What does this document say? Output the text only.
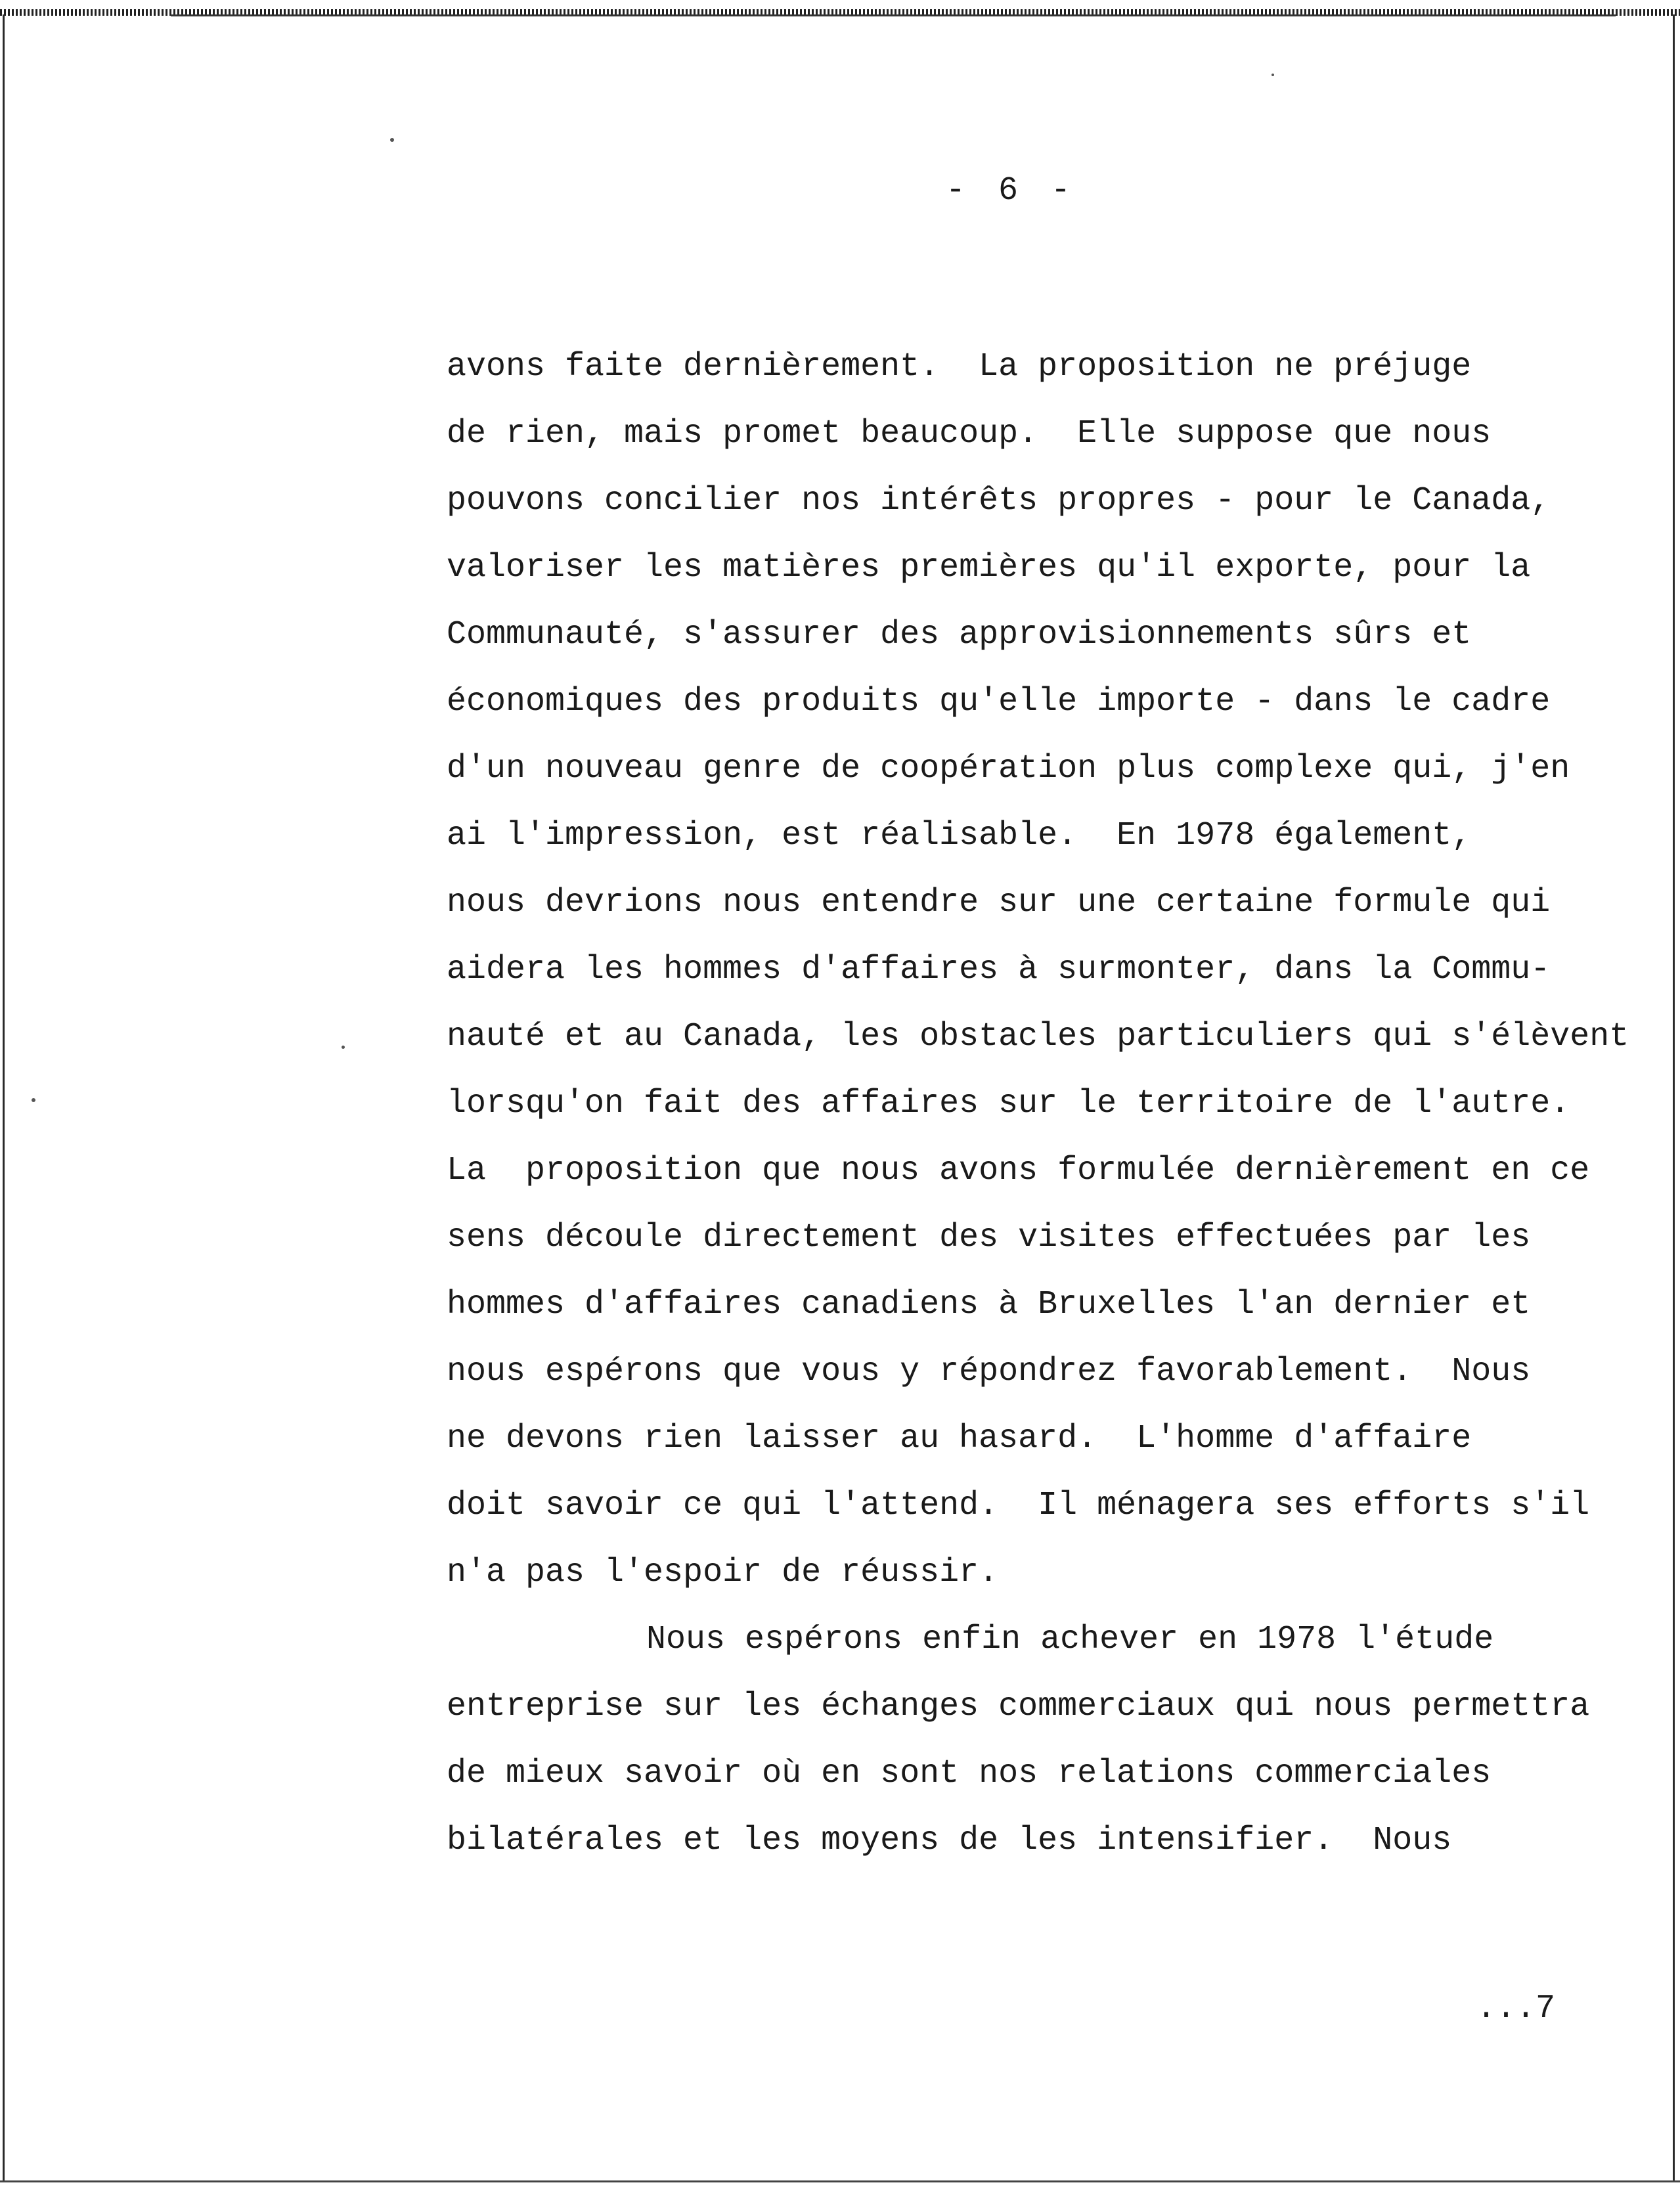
- 6 -
avons faite dernièrement.  La proposition ne préjuge
de rien, mais promet beaucoup.  Elle suppose que nous
pouvons concilier nos intérêts propres - pour le Canada,
valoriser les matières premières qu'il exporte, pour la
Communauté, s'assurer des approvisionnements sûrs et
économiques des produits qu'elle importe - dans le cadre
d'un nouveau genre de coopération plus complexe qui, j'en
ai l'impression, est réalisable.  En 1978 également,
nous devrions nous entendre sur une certaine formule qui
aidera les hommes d'affaires à surmonter, dans la Commu-
nauté et au Canada, les obstacles particuliers qui s'élèvent
lorsqu'on fait des affaires sur le territoire de l'autre.
La  proposition que nous avons formulée dernièrement en ce
sens découle directement des visites effectuées par les
hommes d'affaires canadiens à Bruxelles l'an dernier et
nous espérons que vous y répondrez favorablement.  Nous
ne devons rien laisser au hasard.  L'homme d'affaire
doit savoir ce qui l'attend.  Il ménagera ses efforts s'il
n'a pas l'espoir de réussir.
Nous espérons enfin achever en 1978 l'étude
entreprise sur les échanges commerciaux qui nous permettra
de mieux savoir où en sont nos relations commerciales
bilatérales et les moyens de les intensifier.  Nous
...7
